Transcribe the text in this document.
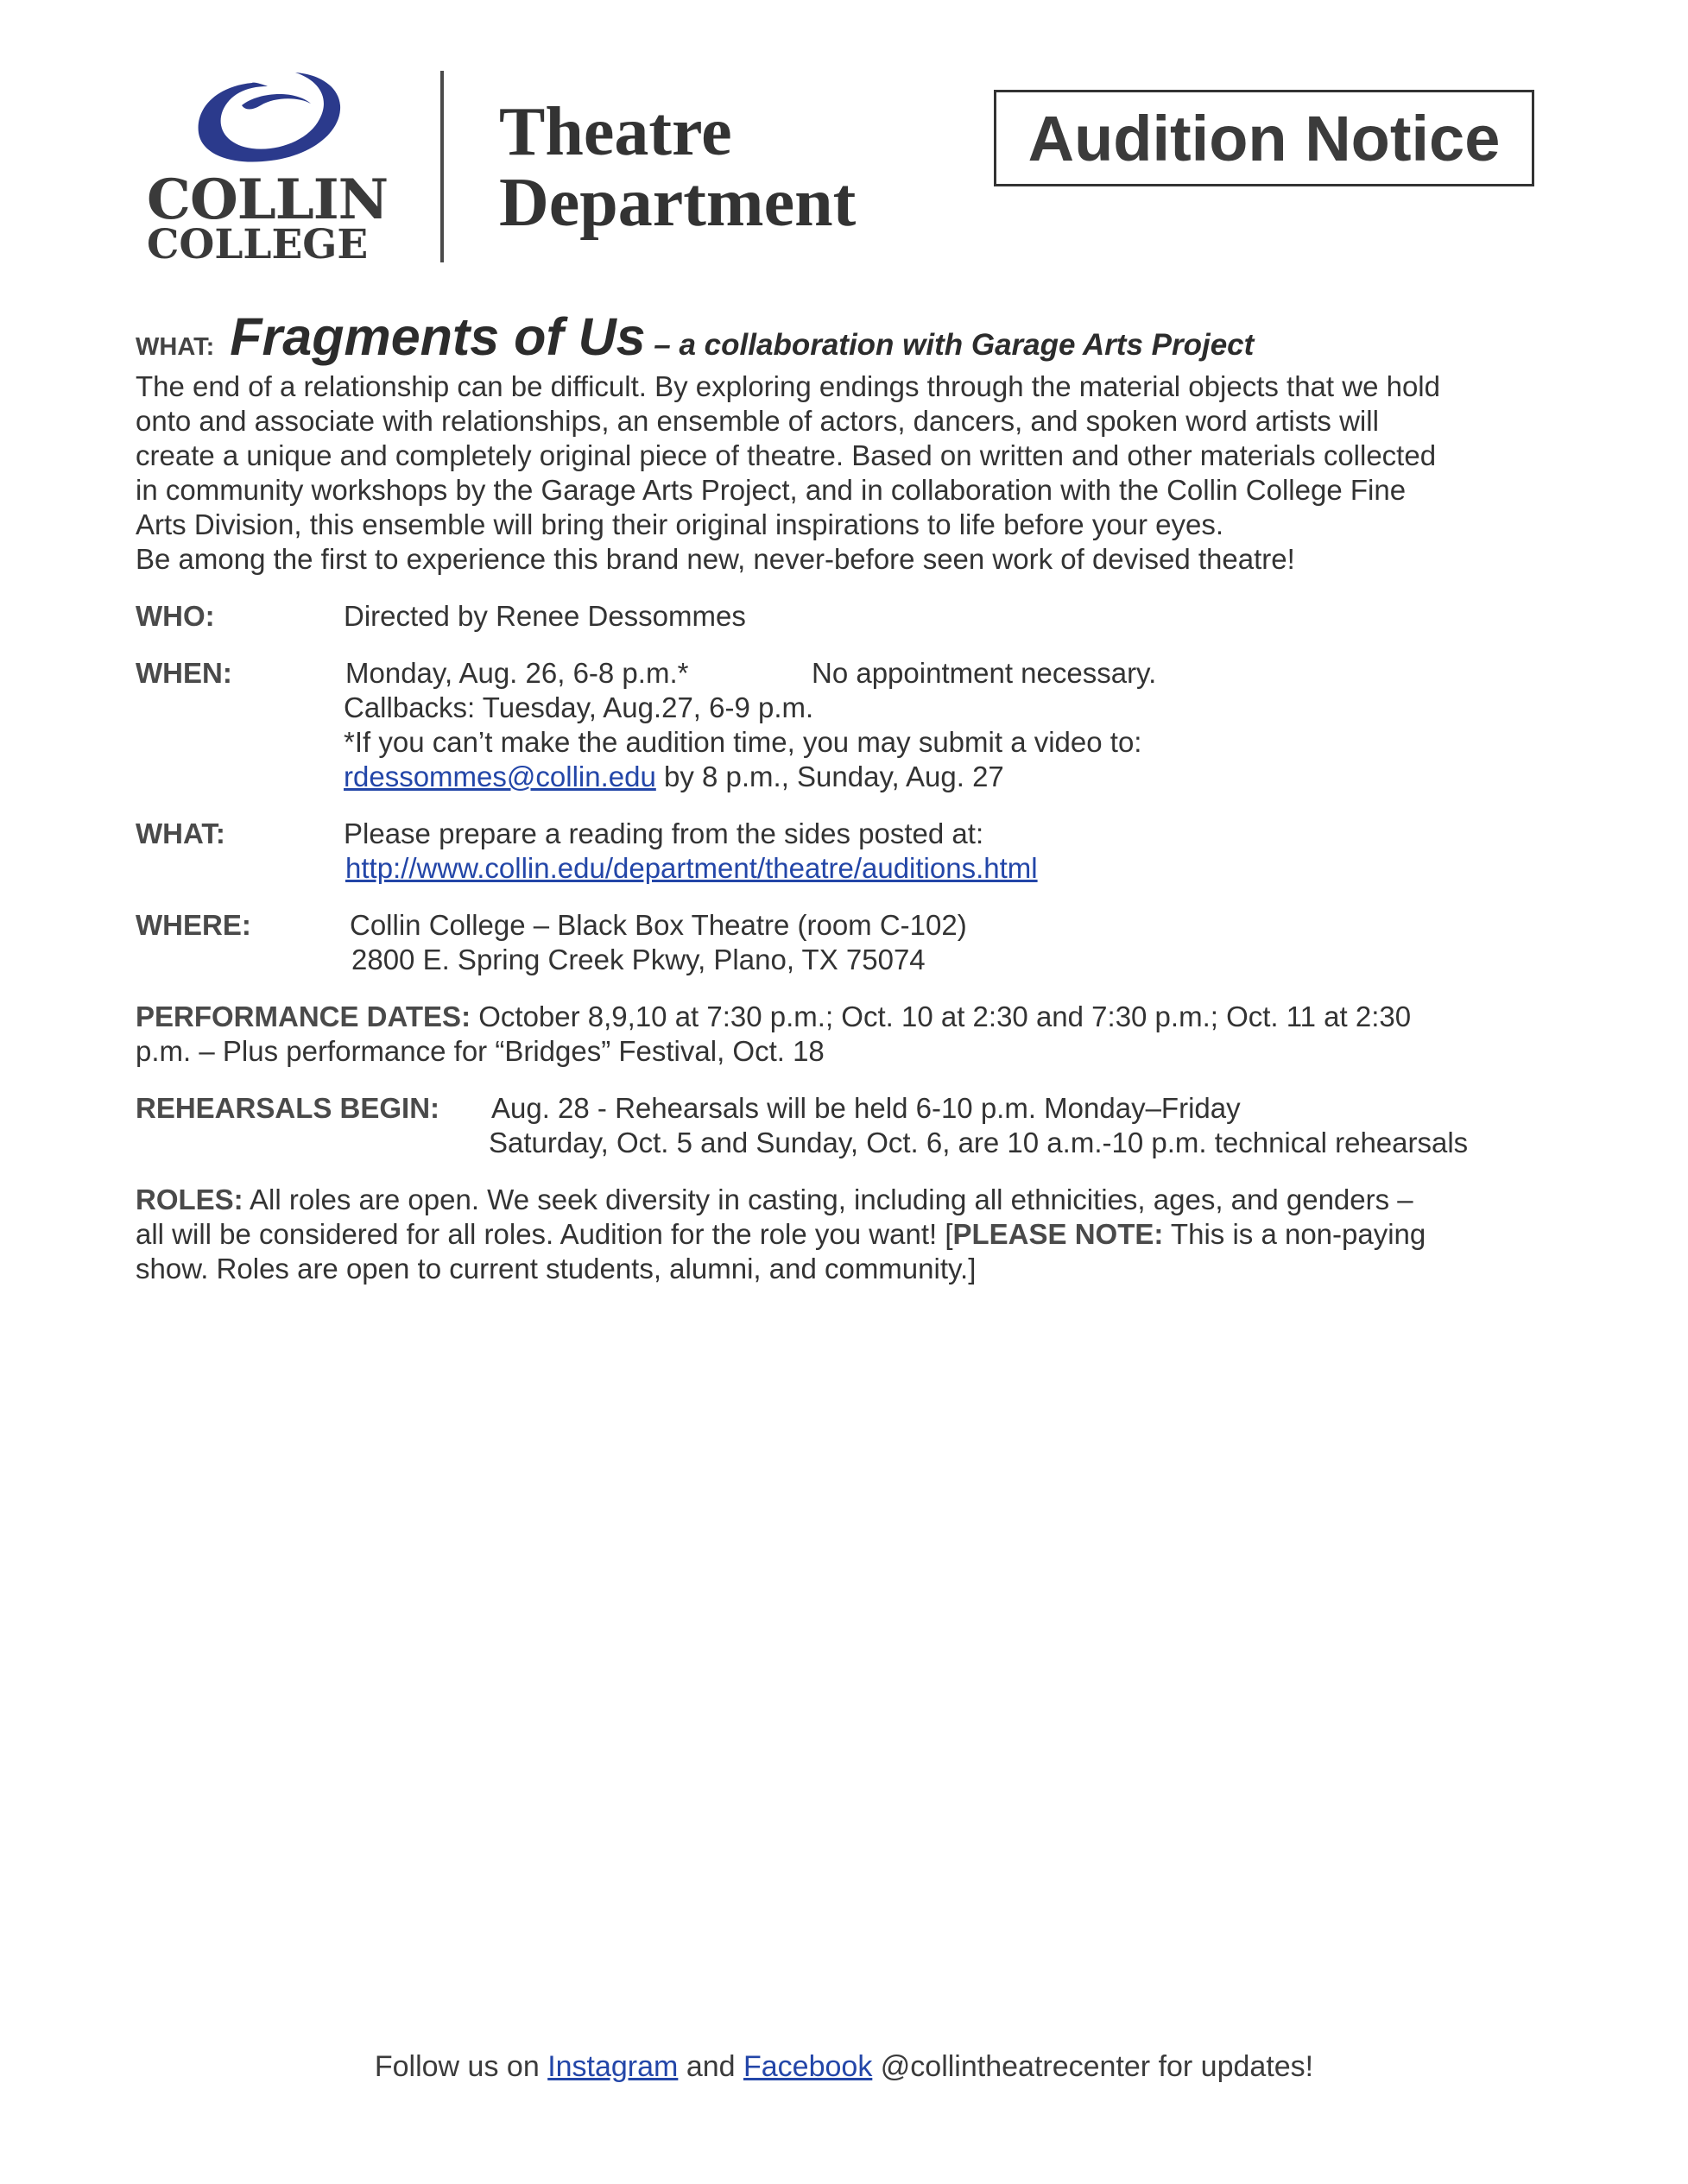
COLLIN
COLLEGE
Theatre
Department
Audition Notice
WHAT: Fragments of Us – a collaboration with Garage Arts Project
The end of a relationship can be difficult. By exploring endings through the material objects that we hold
onto and associate with relationships, an ensemble of actors, dancers, and spoken word artists will
create a unique and completely original piece of theatre. Based on written and other materials collected
in community workshops by the Garage Arts Project, and in collaboration with the Collin College Fine
Arts Division, this ensemble will bring their original inspirations to life before your eyes.
Be among the first to experience this brand new, never-before seen work of devised theatre!
WHO:	Directed by Renee Dessommes
WHEN:	Monday, Aug. 26, 6-8 p.m.*	No appointment necessary.
Callbacks: Tuesday, Aug.27, 6-9 p.m.
*If you can’t make the audition time, you may submit a video to:
rdessommes@collin.edu by 8 p.m., Sunday, Aug. 27
WHAT:	Please prepare a reading from the sides posted at:
http://www.collin.edu/department/theatre/auditions.html
WHERE:	Collin College – Black Box Theatre (room C-102)
2800 E. Spring Creek Pkwy, Plano, TX 75074
PERFORMANCE DATES: October 8,9,10 at 7:30 p.m.; Oct. 10 at 2:30 and 7:30 p.m.; Oct. 11 at 2:30
p.m. – Plus performance for “Bridges” Festival, Oct. 18
REHEARSALS BEGIN: Aug. 28 - Rehearsals will be held 6-10 p.m. Monday–Friday
Saturday, Oct. 5 and Sunday, Oct. 6, are 10 a.m.-10 p.m. technical rehearsals
ROLES: All roles are open. We seek diversity in casting, including all ethnicities, ages, and genders –
all will be considered for all roles. Audition for the role you want! [PLEASE NOTE: This is a non-paying
show. Roles are open to current students, alumni, and community.]
Follow us on Instagram and Facebook @collintheatrecenter for updates!
